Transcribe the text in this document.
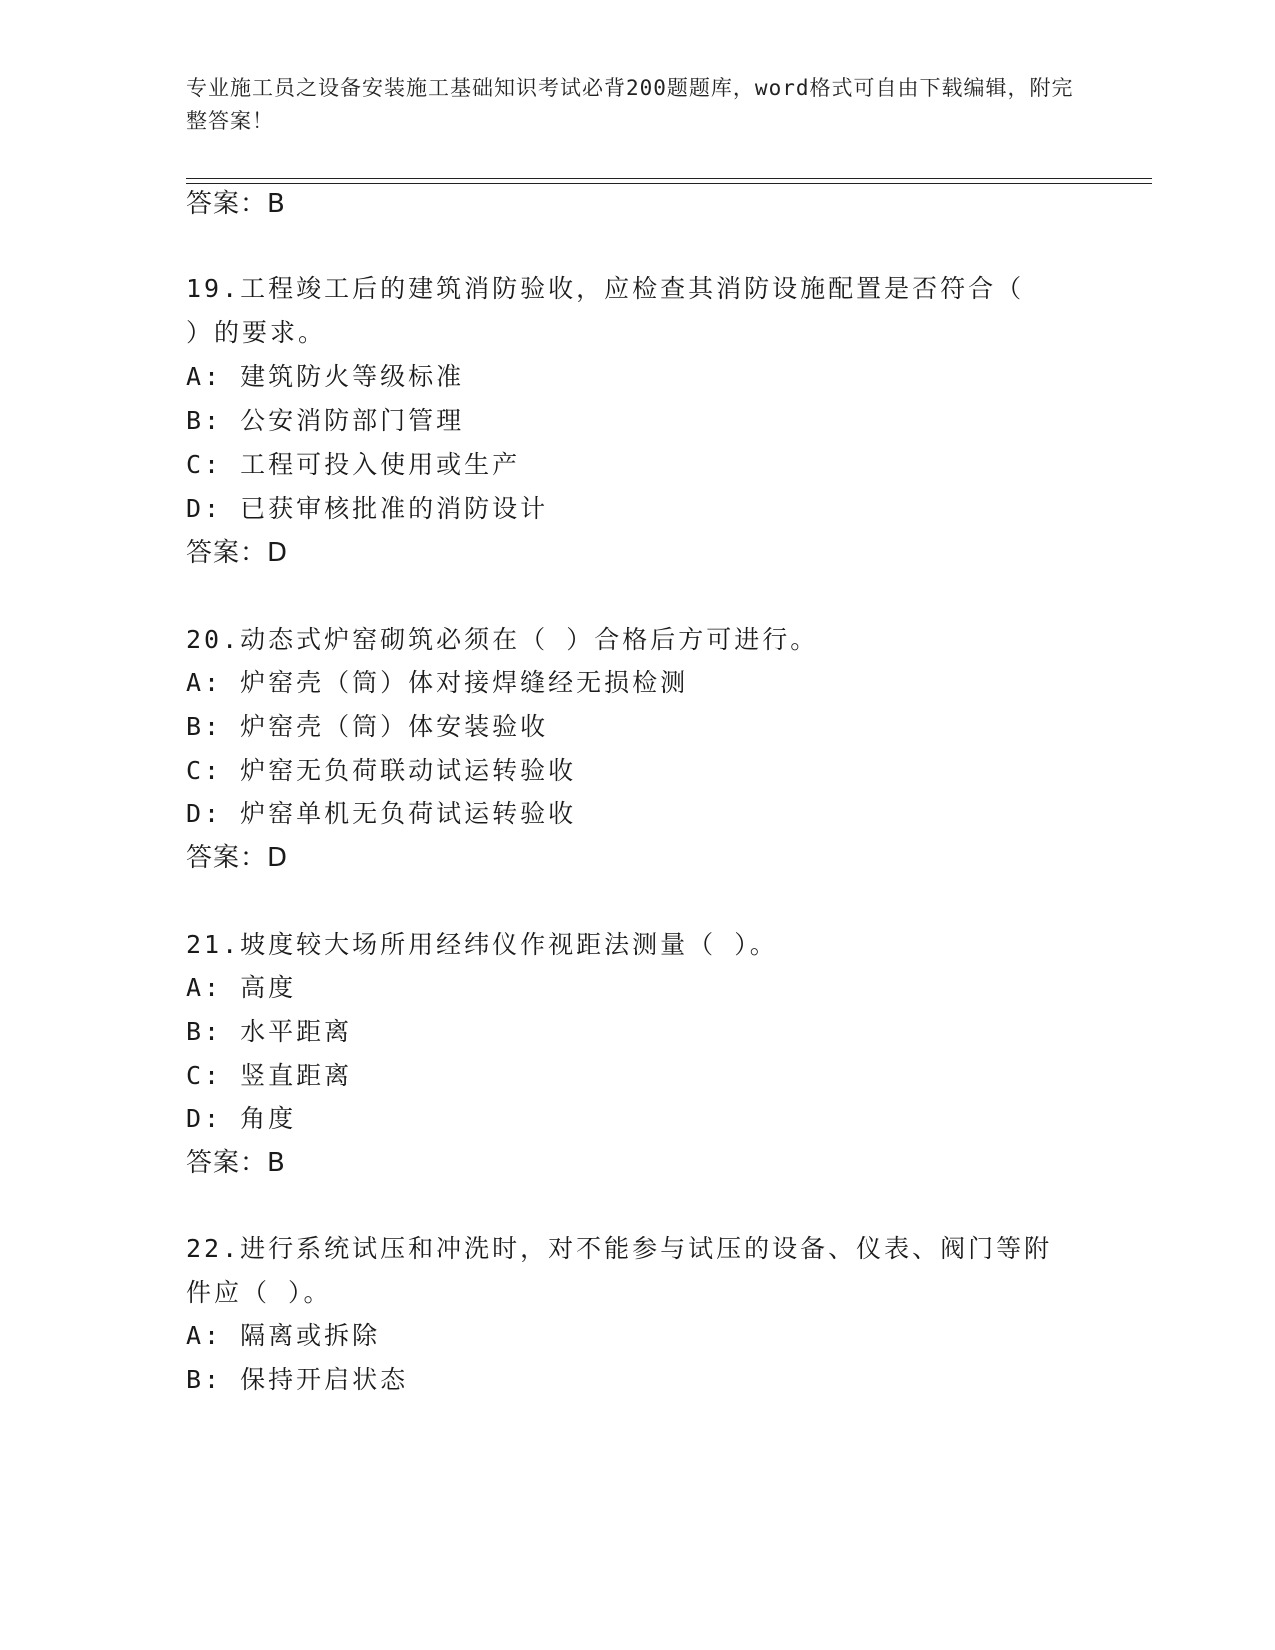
专业施工员之设备安装施工基础知识考试必背200题题库，word格式可自由下载编辑，附完整答案！
答案：B
19.工程竣工后的建筑消防验收，应检查其消防设施配置是否符合（
）的要求。
A: 建筑防火等级标准
B: 公安消防部门管理
C: 工程可投入使用或生产
D: 已获审核批准的消防设计
答案：D
20.动态式炉窑砌筑必须在（ ）合格后方可进行。
A: 炉窑壳（筒）体对接焊缝经无损检测
B: 炉窑壳（筒）体安装验收
C: 炉窑无负荷联动试运转验收
D: 炉窑单机无负荷试运转验收
答案：D
21.坡度较大场所用经纬仪作视距法测量（ ）。
A: 高度
B: 水平距离
C: 竖直距离
D: 角度
答案：B
22.进行系统试压和冲洗时，对不能参与试压的设备、仪表、阀门等附
件应（ ）。
A: 隔离或拆除
B: 保持开启状态
